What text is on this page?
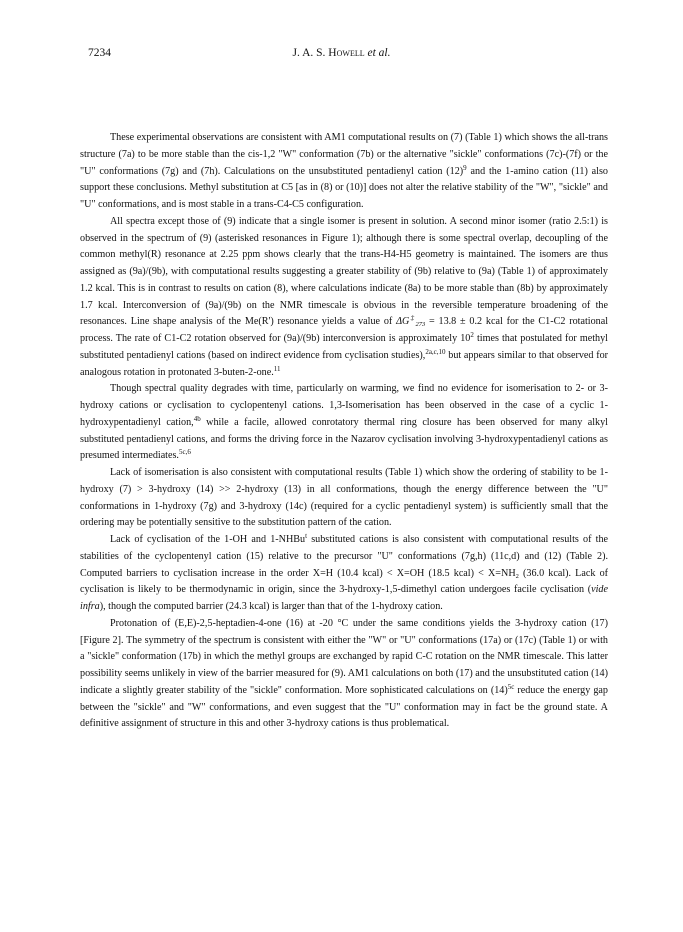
7234	J. A. S. Howell et al.

These experimental observations are consistent with AM1 computational results on (7) (Table 1) which shows the all-trans structure (7a) to be more stable than the cis-1,2 "W" conformation (7b) or the alternative "sickle" conformations (7c)-(7f) or the "U" conformations (7g) and (7h). Calculations on the unsubstituted pentadienyl cation $(12)^9$ and the 1-amino cation (11) also support these conclusions. Methyl substitution at C5 [as in (8) or (10)] does not alter the relative stability of the "W", "sickle" and "U" conformations, and is most stable in a trans-C4-C5 configuration.

All spectra except those of (9) indicate that a single isomer is present in solution. A second minor isomer (ratio 2.5:1) is observed in the spectrum of (9) (asterisked resonances in Figure 1); although there is some spectral overlap, decoupling of the common methyl(R) resonance at 2.25 ppm shows clearly that the trans-H4-H5 geometry is maintained. The isomers are thus assigned as (9a)/(9b), with computational results suggesting a greater stability of (9b) relative to (9a) (Table 1) of approximately 1.2 kcal. This is in contrast to results on cation (8), where calculations indicate (8a) to be more stable than (8b) by approximately 1.7 kcal. Interconversion of (9a)/(9b) on the NMR timescale is obvious in the reversible temperature broadening of the resonances. Line shape analysis of the Me(R') resonance yields a value of $\Delta G^\ddagger_{273} = 13.8 \pm 0.2$ kcal for the C1-C2 rotational process. The rate of C1-C2 rotation observed for (9a)/(9b) interconversion is approximately $10^2$ times that postulated for methyl substituted pentadienyl cations (based on indirect evidence from cyclisation studies),$^{2a,c,10}$ but appears similar to that observed for analogous rotation in protonated 3-buten-2-one.$^{11}$

Though spectral quality degrades with time, particularly on warming, we find no evidence for isomerisation to 2- or 3-hydroxy cations or cyclisation to cyclopentenyl cations. 1,3-Isomerisation has been observed in the case of a cyclic 1-hydroxypentadienyl cation,$^{4b}$ while a facile, allowed conrotatory thermal ring closure has been observed for many alkyl substituted pentadienyl cations, and forms the driving force in the Nazarov cyclisation involving 3-hydroxypentadienyl cations as presumed intermediates.$^{5c,6}$

Lack of isomerisation is also consistent with computational results (Table 1) which show the ordering of stability to be 1-hydroxy (7) > 3-hydroxy (14) >> 2-hydroxy (13) in all conformations, though the energy difference between the "U" conformations in 1-hydroxy (7g) and 3-hydroxy (14c) (required for a cyclic pentadienyl system) is sufficiently small that the ordering may be potentially sensitive to the substitution pattern of the cation.

Lack of cyclisation of the 1-OH and 1-NHBu$^t$ substituted cations is also consistent with computational results of the stabilities of the cyclopentenyl cation (15) relative to the precursor "U" conformations (7g,h) (11c,d) and (12) (Table 2). Computed barriers to cyclisation increase in the order X=H (10.4 kcal) < X=OH (18.5 kcal) < $X=NH_2$ (36.0 kcal). Lack of cyclisation is likely to be thermodynamic in origin, since the 3-hydroxy-1,5-dimethyl cation undergoes facile cyclisation (vide infra), though the computed barrier (24.3 kcal) is larger than that of the 1-hydroxy cation.

Protonation of (E,E)-2,5-heptadien-4-one (16) at -20 °C under the same conditions yields the 3-hydroxy cation (17) [Figure 2]. The symmetry of the spectrum is consistent with either the "W" or "U" conformations (17a) or (17c) (Table 1) or with a "sickle" conformation (17b) in which the methyl groups are exchanged by rapid C-C rotation on the NMR timescale. This latter possibility seems unlikely in view of the barrier measured for (9). AM1 calculations on both (17) and the unsubstituted cation (14) indicate a slightly greater stability of the "sickle" conformation. More sophisticated calculations on $(14)^{5c}$ reduce the energy gap between the "sickle" and "W" conformations, and even suggest that the "U" conformation may in fact be the ground state. A definitive assignment of structure in this and other 3-hydroxy cations is thus problematical.
